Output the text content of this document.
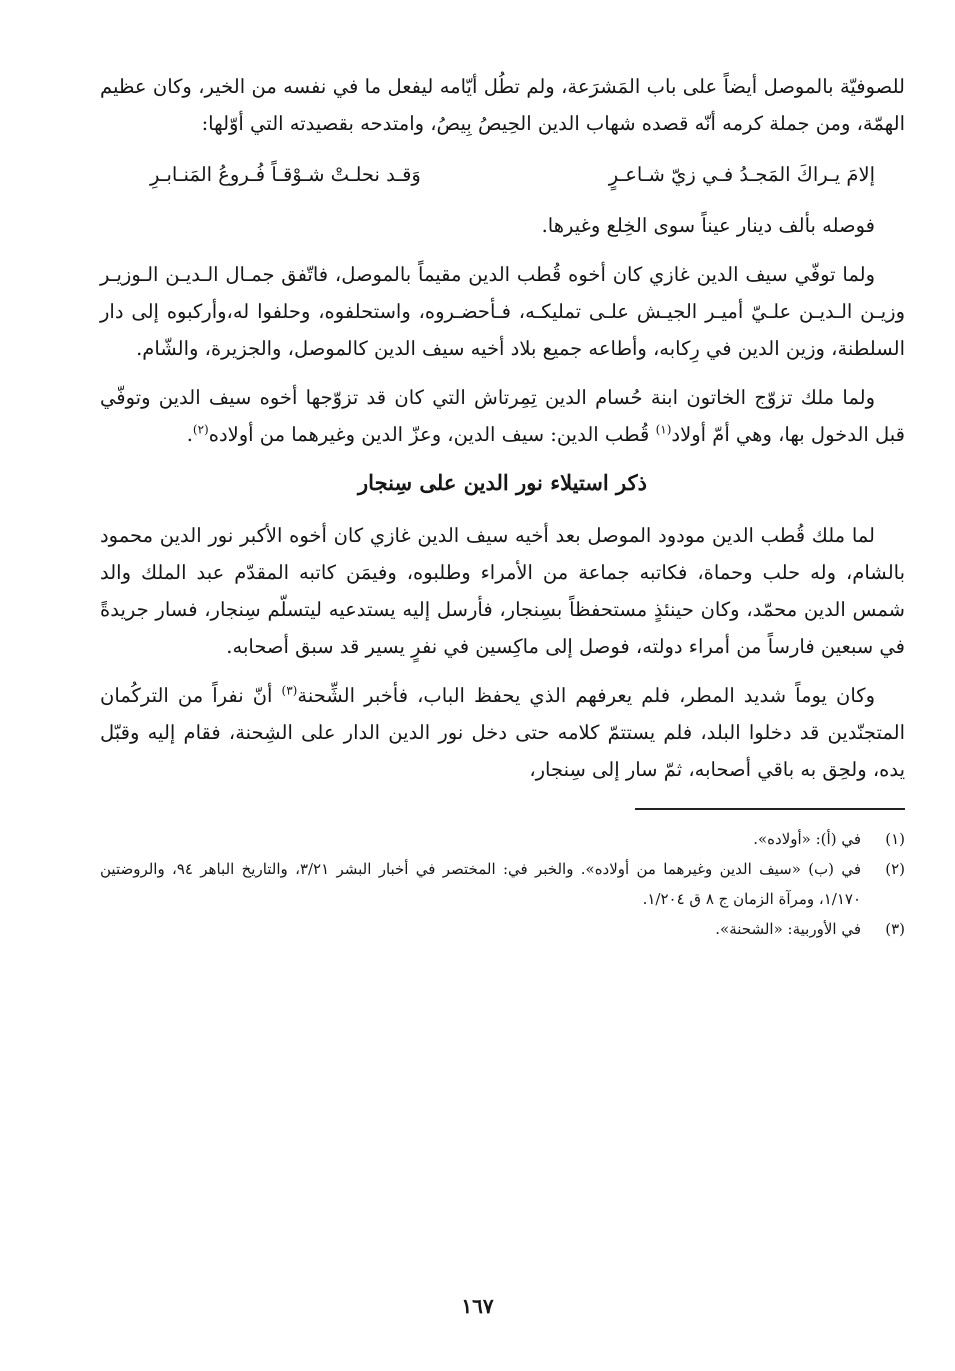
للصوفيّة بالموصل أيضاً على باب المَشرَعة، ولم تطُل أيّامه ليفعل ما في نفسه من الخير، وكان عظيم الهمّة، ومن جملة كرمه أنّه قصده شهاب الدين الحِيصُ بِيصُ، وامتدحه بقصيدته التي أوّلها:

إلامَ يـراكَ المَجـدُ فـي زيّ شـاعـرٍ
وَقـد نحلـتْ شـوْقـاً فُـروعُ المَنـابـرِ

فوصله بألف دينار عيناً سوى الخِلع وغيرها.

ولما توفّي سيف الدين غازي كان أخوه قُطب الدين مقيماً بالموصل، فاتّفق جمـال الـديـن الـوزيـر وزيـن الـديـن علـيّ أميـر الجيـش علـى تمليكـه، فـأحضـروه، واستحلفوه، وحلفوا له،وأركبوه إلى دار السلطنة، وزين الدين في رِكابه، وأطاعه جميع بلاد أخيه سيف الدين كالموصل، والجزيرة، والشّام.

ولما ملك تزوّج الخاتون ابنة حُسام الدين تِمِرتاش التي كان قد تزوّجها أخوه سيف الدين وتوفّي قبل الدخول بها، وهي أمّ أولاد$^{(١)}$ قُطب الدين: سيف الدين، وعزّ الدين وغيرهما من أولاده$^{(٢)}$.

ذكر استيلاء نور الدين على سِنجار

لما ملك قُطب الدين مودود الموصل بعد أخيه سيف الدين غازي كان أخوه الأكبر نور الدين محمود بالشام، وله حلب وحماة، فكاتبه جماعة من الأمراء وطلبوه، وفيمَن كاتبه المقدّم عبد الملك والد شمس الدين محمّد، وكان حينئذٍ مستحفظاً بسِنجار، فأرسل إليه يستدعيه ليتسلّم سِنجار، فسار جريدةً في سبعين فارساً من أمراء دولته، فوصل إلى ماكِسين في نفرٍ يسير قد سبق أصحابه.

وكان يوماً شديد المطر، فلم يعرفهم الذي يحفظ الباب، فأخبر الشِّحنة$^{(٣)}$ أنّ نفراً من التركُمان المتجنّدين قد دخلوا البلد، فلم يستتمّ كلامه حتى دخل نور الدين الدار على الشِحنة، فقام إليه وقبّل يده، ولحِق به باقي أصحابه، ثمّ سار إلى سِنجار،

(١)
في (أ): «أولاده».
(٢)
في (ب) «سيف الدين وغيرهما من أولاده». والخبر في: المختصر في أخبار البشر ٣/٢١، والتاريخ الباهر ٩٤، والروضتين ١/١٧٠، ومرآة الزمان ج ٨ ق ١/٢٠٤.
(٣)
في الأوربية: «الشحنة».
١٦٧
